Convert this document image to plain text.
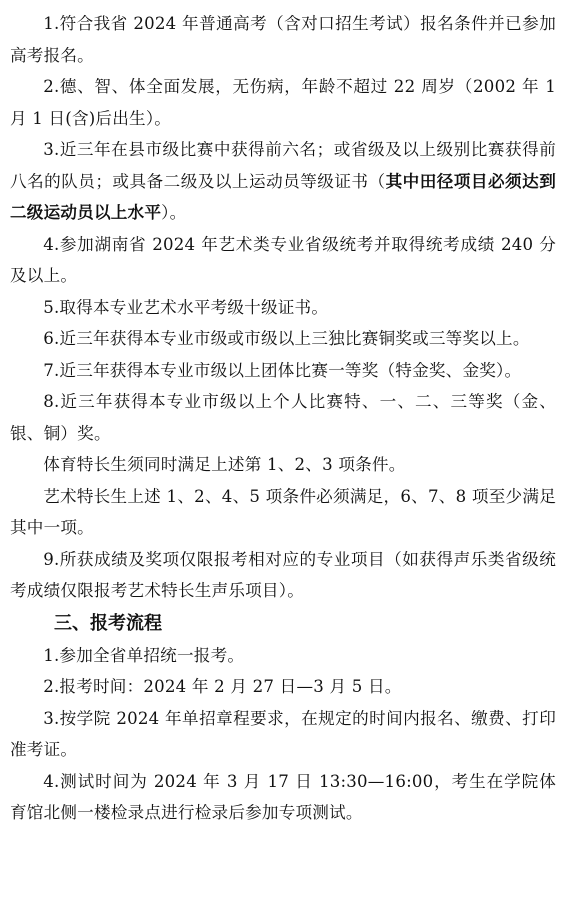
1.符合我省 2024 年普通高考（含对口招生考试）报名条件并已参加高考报名。

2.德、智、体全面发展，无伤病，年龄不超过 22 周岁（2002 年 1 月 1 日(含)后出生）。

3.近三年在县市级比赛中获得前六名；或省级及以上级别比赛获得前八名的队员；或具备二级及以上运动员等级证书（其中田径项目必须达到二级运动员以上水平）。

4.参加湖南省 2024 年艺术类专业省级统考并取得统考成绩 240 分及以上。

5.取得本专业艺术水平考级十级证书。

6.近三年获得本专业市级或市级以上三独比赛铜奖或三等奖以上。

7.近三年获得本专业市级以上团体比赛一等奖（特金奖、金奖）。

8.近三年获得本专业市级以上个人比赛特、一、二、三等奖（金、银、铜）奖。

体育特长生须同时满足上述第 1、2、3 项条件。

艺术特长生上述 1、2、4、5 项条件必须满足，6、7、8 项至少满足其中一项。

9.所获成绩及奖项仅限报考相对应的专业项目（如获得声乐类省级统考成绩仅限报考艺术特长生声乐项目）。

三、报考流程

1.参加全省单招统一报考。

2.报考时间：2024 年 2 月 27 日—3 月 5 日。

3.按学院 2024 年单招章程要求，在规定的时间内报名、缴费、打印准考证。

4.测试时间为 2024 年 3 月 17 日 13:30—16:00，考生在学院体育馆北侧一楼检录点进行检录后参加专项测试。
